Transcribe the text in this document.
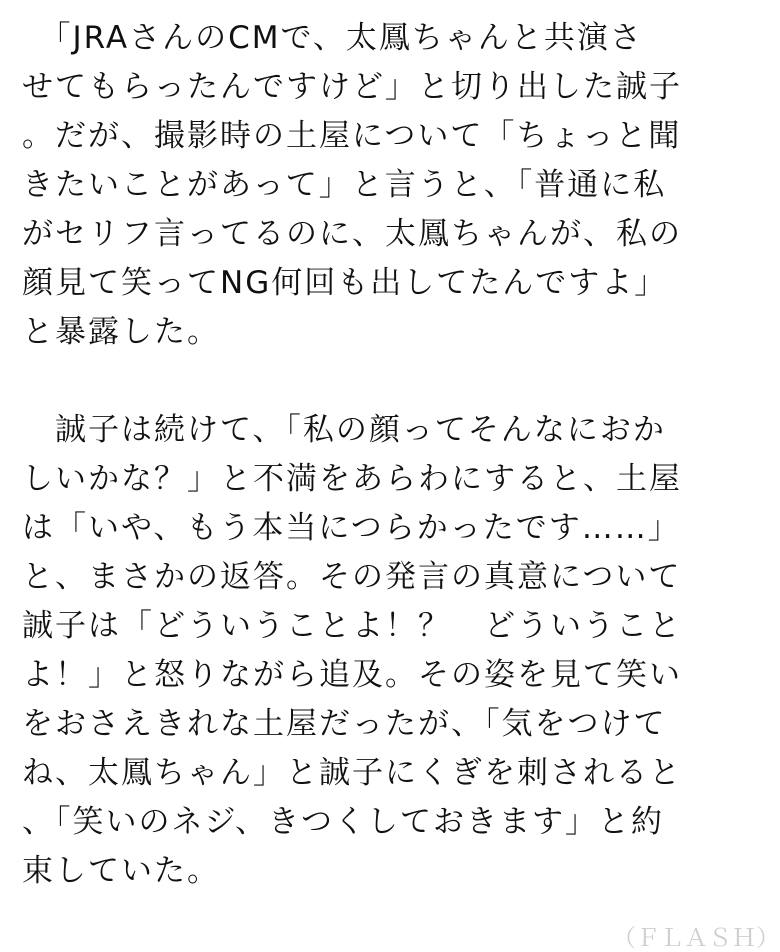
　「JRAさんのCMで、太鳳ちゃんと共演さ
せてもらったんですけど」と切り出した誠子
。だが、撮影時の土屋について「ちょっと聞
きたいことがあって」と言うと、「普通に私
がセリフ言ってるのに、太鳳ちゃんが、私の
顔見て笑ってNG何回も出してたんですよ」
と暴露した。
　誠子は続けて、「私の顔ってそんなにおか
しいかな？」と不満をあらわにすると、土屋
は「いや、もう本当につらかったです……」
と、まさかの返答。その発言の真意について
誠子は「どういうことよ！？　どういうこと
よ！」と怒りながら追及。その姿を見て笑い
をおさえきれな土屋だったが、「気をつけて
ね、太鳳ちゃん」と誠子にくぎを刺されると
、「笑いのネジ、きつくしておきます」と約
束していた。
（ＦＬＡＳＨ）
